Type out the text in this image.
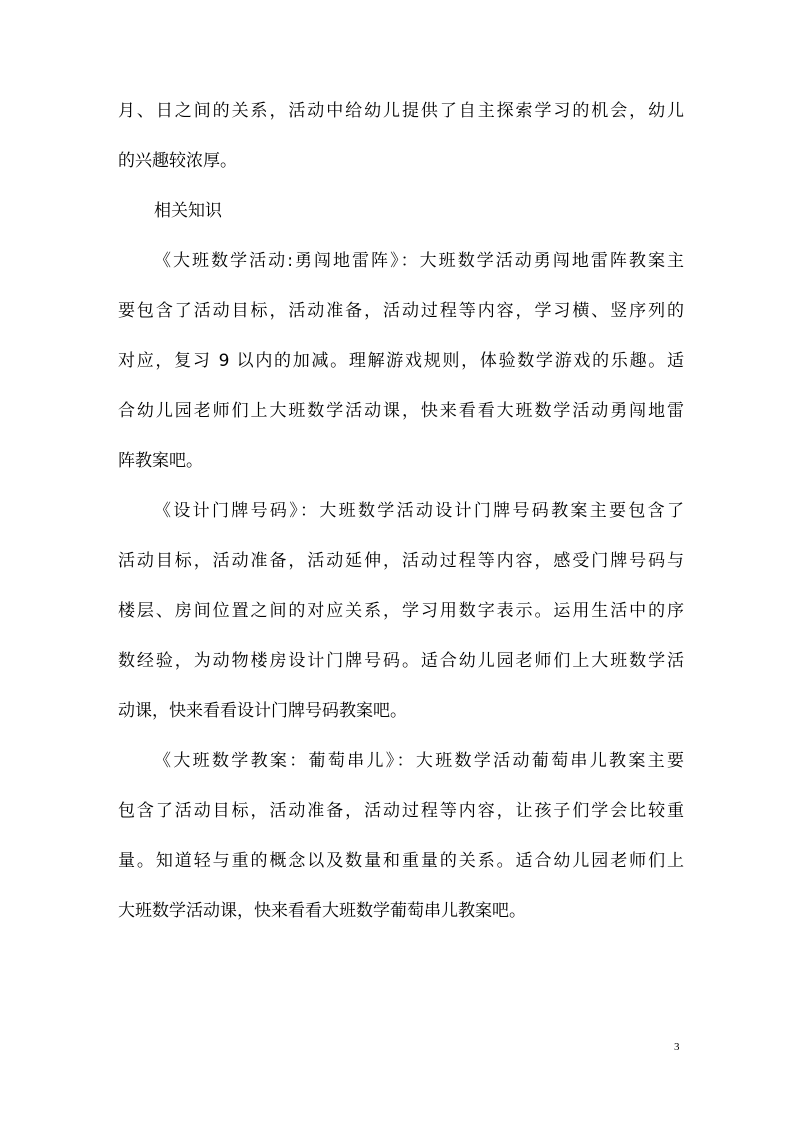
月、日之间的关系，活动中给幼儿提供了自主探索学习的机会，幼儿
的兴趣较浓厚。
相关知识
《大班数学活动:勇闯地雷阵》：大班数学活动勇闯地雷阵教案主
要包含了活动目标，活动准备，活动过程等内容，学习横、竖序列的
对应，复习 9 以内的加减。理解游戏规则，体验数学游戏的乐趣。适
合幼儿园老师们上大班数学活动课，快来看看大班数学活动勇闯地雷
阵教案吧。
《设计门牌号码》：大班数学活动设计门牌号码教案主要包含了
活动目标，活动准备，活动延伸，活动过程等内容，感受门牌号码与
楼层、房间位置之间的对应关系，学习用数字表示。运用生活中的序
数经验，为动物楼房设计门牌号码。适合幼儿园老师们上大班数学活
动课，快来看看设计门牌号码教案吧。
《大班数学教案：葡萄串儿》：大班数学活动葡萄串儿教案主要
包含了活动目标，活动准备，活动过程等内容，让孩子们学会比较重
量。知道轻与重的概念以及数量和重量的关系。适合幼儿园老师们上
大班数学活动课，快来看看大班数学葡萄串儿教案吧。
3
